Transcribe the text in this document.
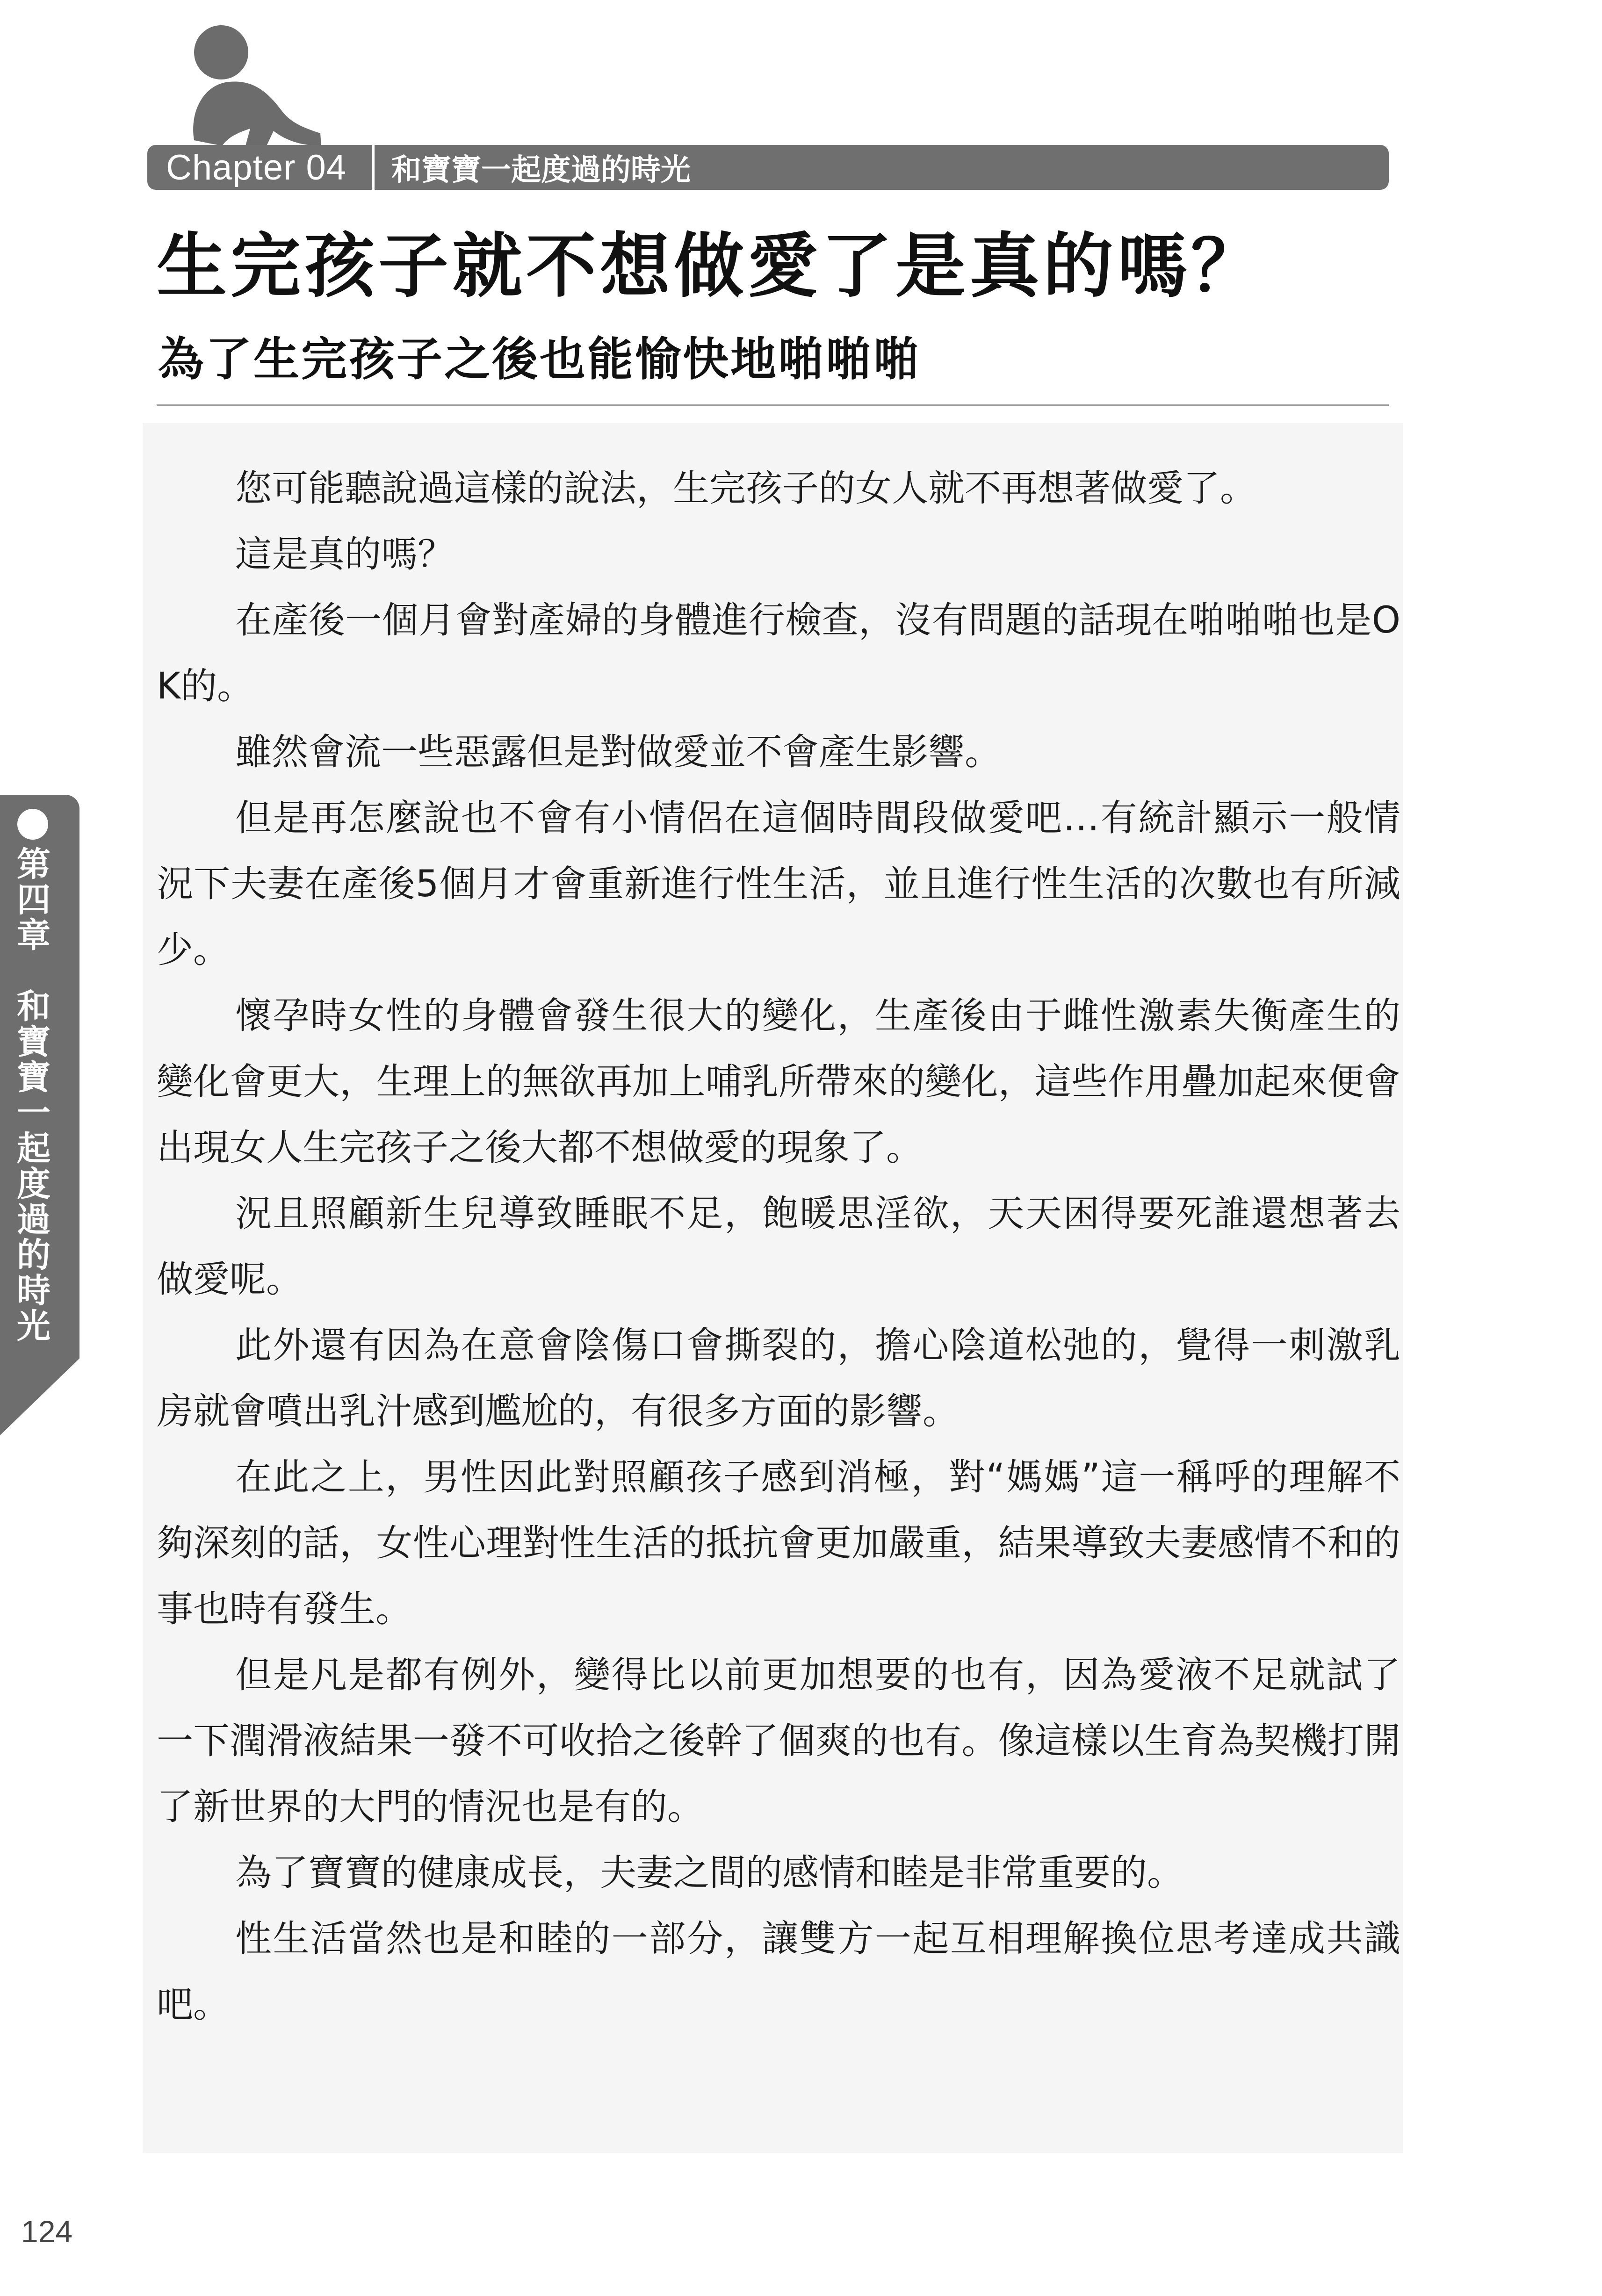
Chapter 04	和寶寶一起度過的時光
生完孩子就不想做愛了是真的嗎？
為了生完孩子之後也能愉快地啪啪啪

您可能聽說過這樣的說法，生完孩子的女人就不再想著做愛了。

這是真的嗎？

在產後一個月會對產婦的身體進行檢查，沒有問題的話現在啪啪啪也是OK的。

雖然會流一些惡露但是對做愛並不會產生影響。

但是再怎麼說也不會有小情侶在這個時間段做愛吧…有統計顯示一般情況下夫妻在產後5個月才會重新進行性生活，並且進行性生活的次數也有所減少。

懷孕時女性的身體會發生很大的變化，生產後由于雌性激素失衡產生的變化會更大，生理上的無欲再加上哺乳所帶來的變化，這些作用疊加起來便會出現女人生完孩子之後大都不想做愛的現象了。

況且照顧新生兒導致睡眠不足，飽暖思淫欲，天天困得要死誰還想著去做愛呢。

此外還有因為在意會陰傷口會撕裂的，擔心陰道松弛的，覺得一刺激乳房就會噴出乳汁感到尷尬的，有很多方面的影響。

在此之上，男性因此對照顧孩子感到消極，對“媽媽”這一稱呼的理解不夠深刻的話，女性心理對性生活的抵抗會更加嚴重，結果導致夫妻感情不和的事也時有發生。

但是凡是都有例外，變得比以前更加想要的也有，因為愛液不足就試了一下潤滑液結果一發不可收拾之後幹了個爽的也有。像這樣以生育為契機打開了新世界的大門的情況也是有的。

為了寶寶的健康成長，夫妻之間的感情和睦是非常重要的。

性生活當然也是和睦的一部分，讓雙方一起互相理解換位思考達成共識吧。

第四章　和寶寶一起度過的時光
124
